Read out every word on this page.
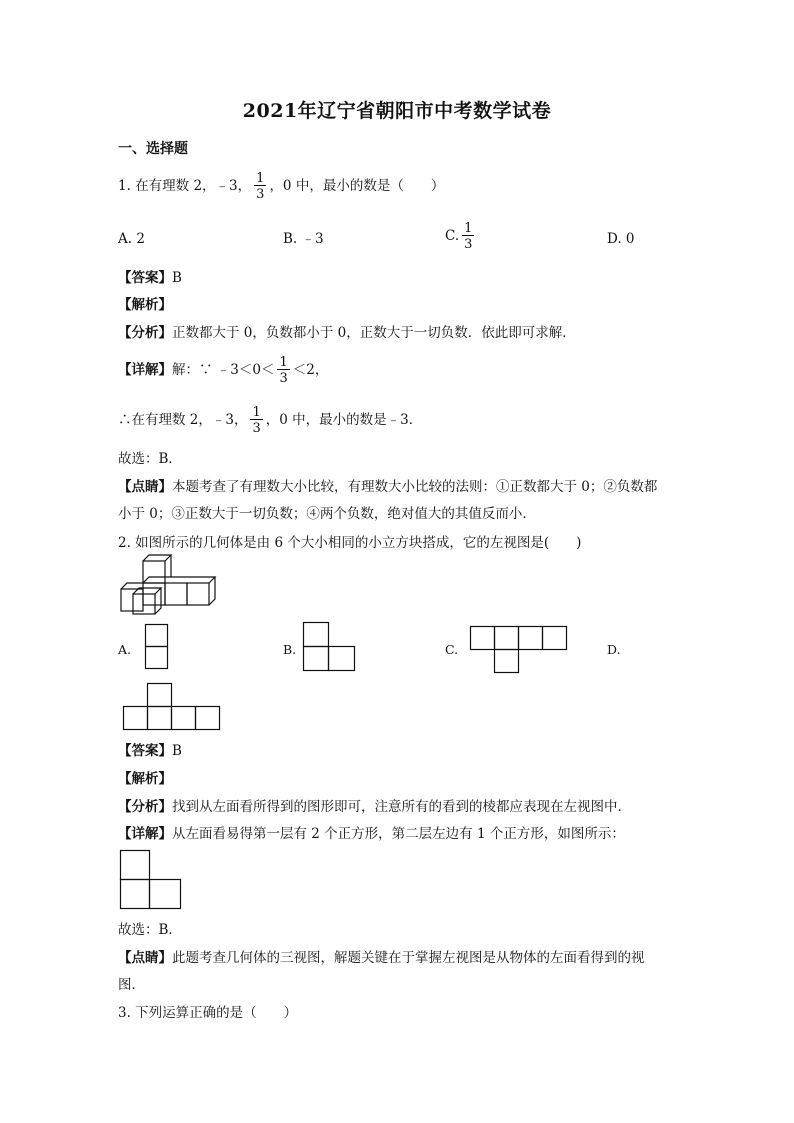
2021年辽宁省朝阳市中考数学试卷
一、选择题
1. 在有理数 2，﹣3， $\frac{1}{3}$ ，0 中，最小的数是（　　）
A. 2	B. ﹣3	C. $\frac{1}{3}$	D. 0
【答案】B
【解析】
【分析】正数都大于 0，负数都小于 0，正数大于一切负数．依此即可求解．
【详解】解：∵ ﹣3＜0＜ $\frac{1}{3} <2$，
∴在有理数 2，﹣3， $\frac{1}{3}$ ，0 中，最小的数是﹣3．
故选：B．
【点睛】本题考查了有理数大小比较，有理数大小比较的法则：①正数都大于 0；②负数都
小于 0；③正数大于一切负数；④两个负数，绝对值大的其值反而小．
2. 如图所示的几何体是由 6 个大小相同的小立方块搭成，它的左视图是(　　)
A.	B.	C.	D.
【答案】B
【解析】
【分析】找到从左面看所得到的图形即可，注意所有的看到的棱都应表现在左视图中．
【详解】从左面看易得第一层有 2 个正方形，第二层左边有 1 个正方形，如图所示：
故选：B．
【点睛】此题考查几何体的三视图，解题关键在于掌握左视图是从物体的左面看得到的视
图．
3. 下列运算正确的是（　　）
